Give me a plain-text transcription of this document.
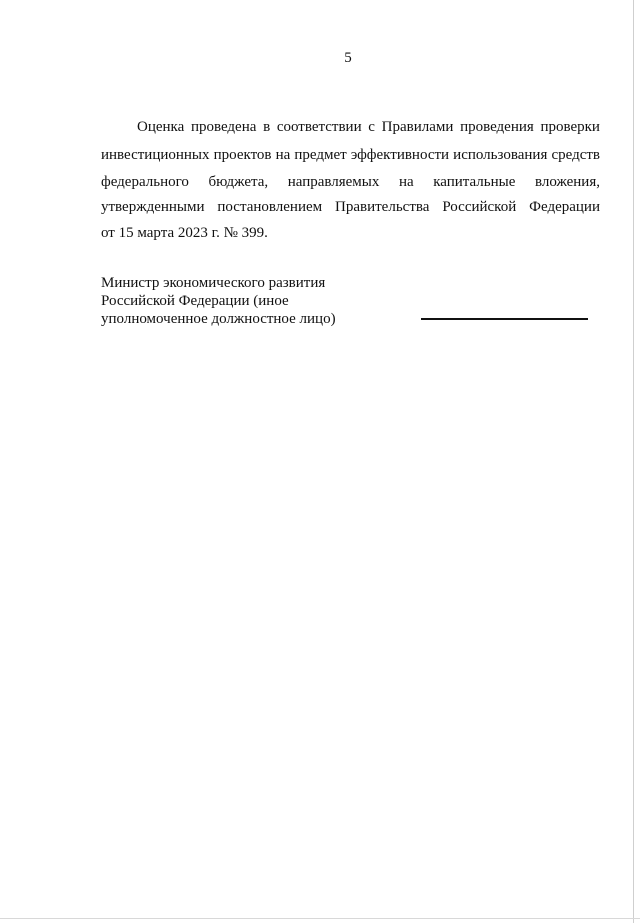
5
Оценка проведена в соответствии с Правилами проведения проверки
инвестиционных проектов на предмет эффективности использования средств
федерального бюджета, направляемых на капитальные вложения,
утвержденными постановлением Правительства Российской Федерации
от 15 марта 2023 г. № 399.
Министр экономического развития
Российской Федерации (иное
уполномоченное должностное лицо)
